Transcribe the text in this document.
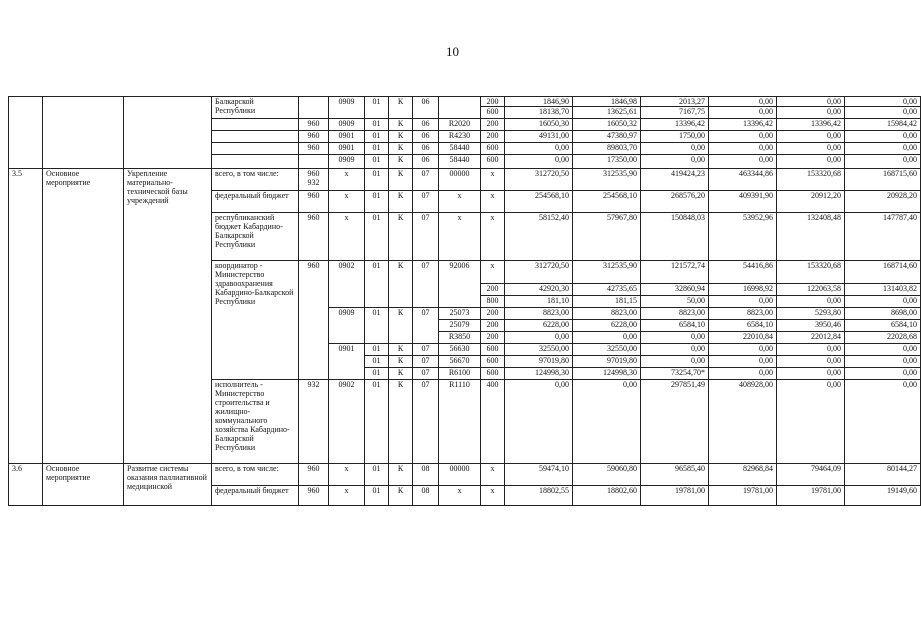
10
			Балкарской Республики		0909	01	К	06		200	1846,90	1846,98	2013,27	0,00	0,00	0,00
										600	18138,70	13625,61	7167,75	0,00	0,00	0,00
				960	0909	01	К	06	R2020	200	16050,30	16050,32	13396,42	13396,42	13396,42	15984,42
				960	0901	01	К	06	R4230	200	49131,00	47380,97	1750,00	0,00	0,00	0,00
				960	0901	01	К	06	58440	600	0,00	89803,70	0,00	0,00	0,00	0,00
					0909	01	К	06	58440	600	0,00	17350,00	0,00	0,00	0,00	0,00
3.5	Основное мероприятие	Укрепление материально-технической базы учреждений	всего, в том числе:	960 932	x	01	К	07	00000	x	312720,50	312535,90	419424,23	463344,86	153320,68	168715,60
			федеральный бюджет	960	x	01	К	07	x	x	254568,10	254568,10	268576,20	409391,90	20912,20	20928,20
			республиканский бюджет Кабардино-Балкарской Республики	960	x	01	К	07	x	x	58152,40	57967,80	150848,03	53952,96	132408,48	147787,40
			координатор - Министерство здравоохранения Кабардино-Балкарской Республики	960	0902	01	К	07	92006	x	312720,50	312535,90	121572,74	54416,86	153320,68	168714,60
										200	42920,30	42735,65	32860,94	16998,92	122063,58	131403,82
										800	181,10	181,15	50,00	0,00	0,00	0,00
					0909	01	К	07	25073	200	8823,00	8823,00	8823,00	8823,00	5293,80	8698,00
									25079	200	6228,00	6228,00	6584,10	6584,10	3950,46	6584,10
									R3850	200	0,00	0,00	0,00	22010,84	22012,84	22028,68
					0901	01	К	07	56630	600	32550,00	32550,00	0,00	0,00	0,00	0,00
						01	К	07	56670	600	97019,80	97019,80	0,00	0,00	0,00	0,00
						01	К	07	R6100	600	124998,30	124998,30	73254,70*	0,00	0,00	0,00
			исполнитель - Министерство строительства и жилищно-коммунального хозяйства Кабардино-Балкарской Республики	932	0902	01	К	07	R1110	400	0,00	0,00	297851,49	408928,00	0,00	0,00
3.6	Основное мероприятие	Развитие системы оказания паллиативной медицинской	всего, в том числе:	960	x	01	К	08	00000	x	59474,10	59060,80	96585,40	82968,84	79464,09	80144,27
			федеральный бюджет	960	x	01	К	08	x	x	18802,55	18802,60	19781,00	19781,00	19781,00	19149,60
